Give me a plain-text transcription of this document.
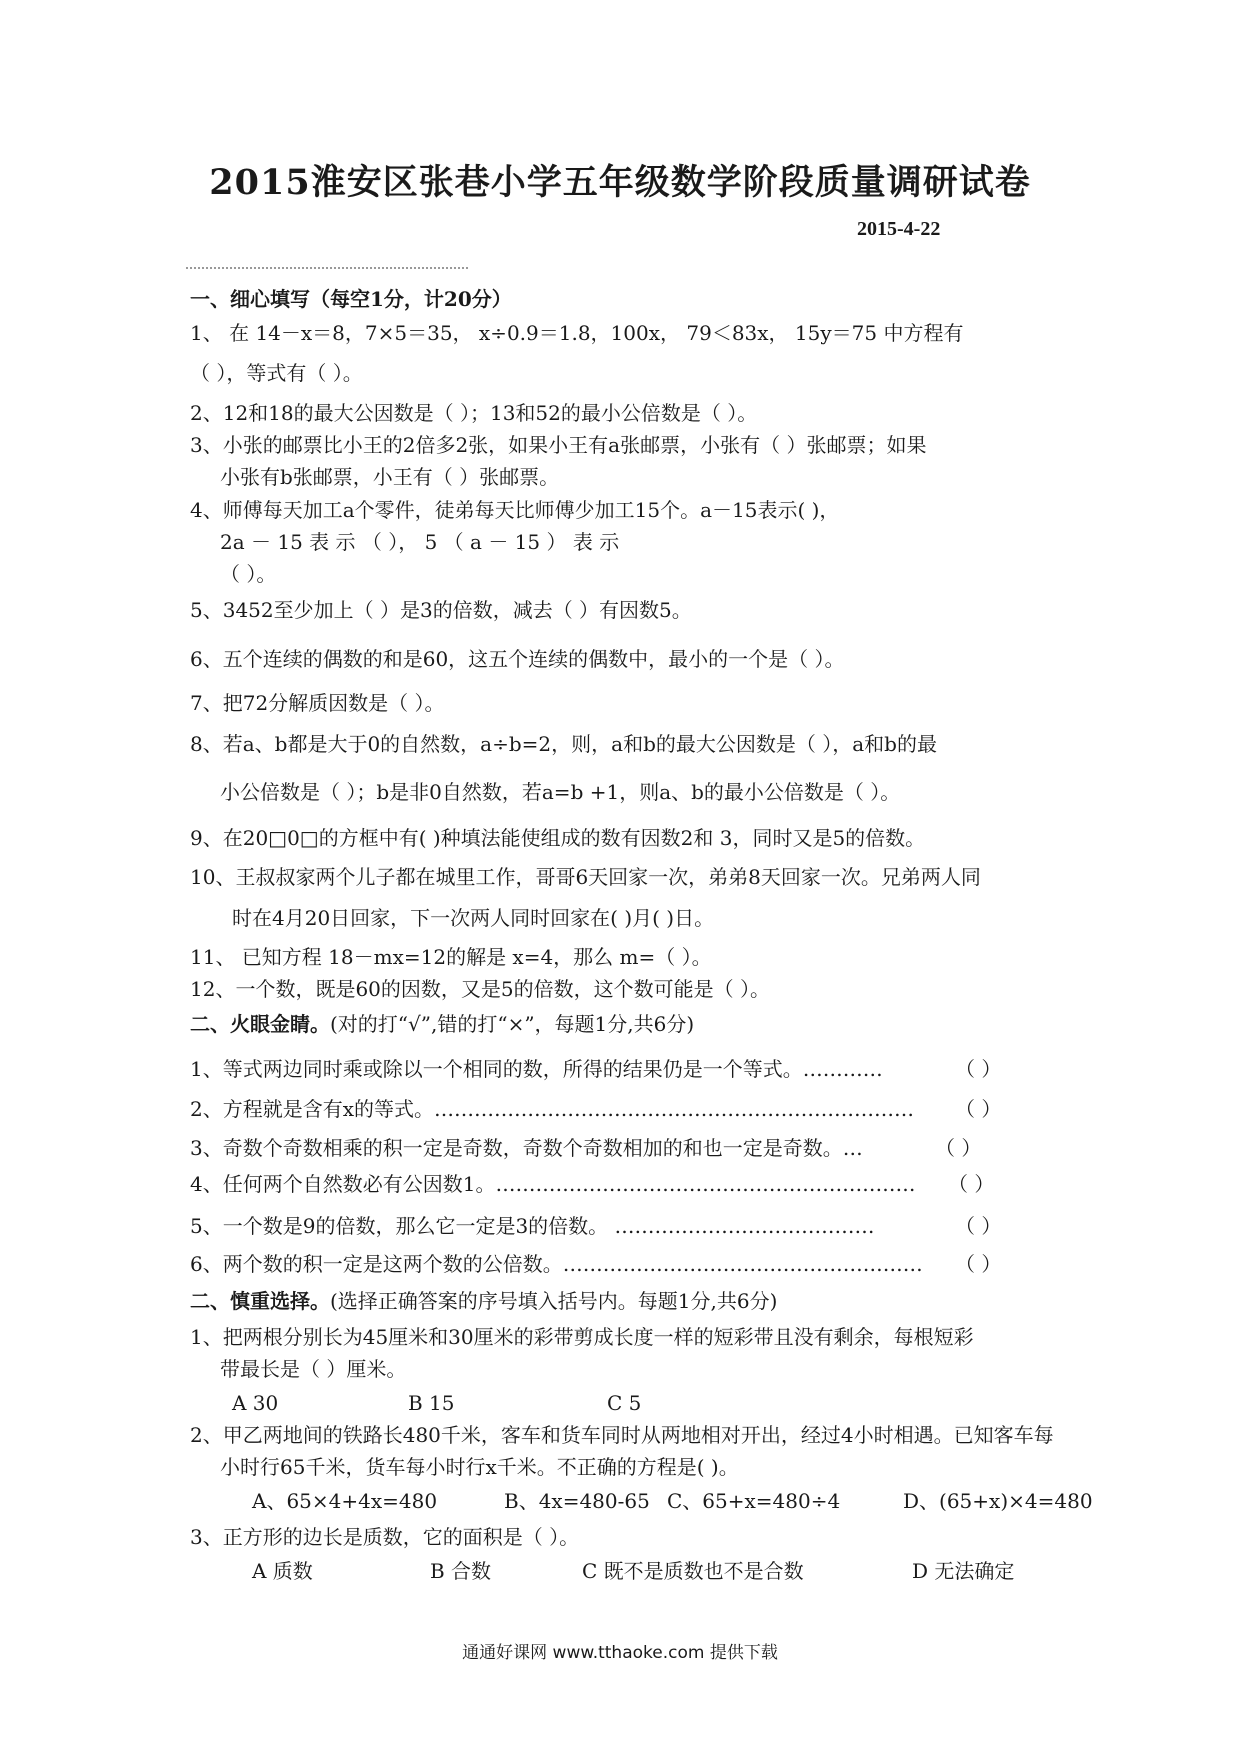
2015淮安区张巷小学五年级数学阶段质量调研试卷
2015-4-22
一、细心填写（每空1分，计20分）
1、 在 14－x＝8，7×5＝35， x÷0.9＝1.8，100x， 79＜83x， 15y＝75 中方程有
（ ），等式有（ ）。
2、12和18的最大公因数是（ ）；13和52的最小公倍数是（ ）。
3、小张的邮票比小王的2倍多2张，如果小王有a张邮票，小张有（ ）张邮票；如果
小张有b张邮票，小王有（ ）张邮票。
4、师傅每天加工a个零件，徒弟每天比师傅少加工15个。a－15表示( )，
2a － 15 表 示 （ ）， 5 （ a － 15 ） 表 示
（ ）。
5、3452至少加上（ ）是3的倍数，减去（ ）有因数5。
6、五个连续的偶数的和是60，这五个连续的偶数中，最小的一个是（ ）。
7、把72分解质因数是（ ）。
8、若a、b都是大于0的自然数，a÷b=2，则，a和b的最大公因数是（ ），a和b的最
小公倍数是（ ）；b是非0自然数，若a=b +1，则a、b的最小公倍数是（ ）。
9、在20□0□的方框中有( )种填法能使组成的数有因数2和 3，同时又是5的倍数。
10、王叔叔家两个儿子都在城里工作，哥哥6天回家一次，弟弟8天回家一次。兄弟两人同
时在4月20日回家，下一次两人同时回家在( )月( )日。
11、 已知方程 18－mx=12的解是 x=4，那么 m=（ ）。
12、一个数，既是60的因数，又是5的倍数，这个数可能是（ ）。
二、火眼金睛。(对的打“√”,错的打“×”，每题1分,共6分)
1、等式两边同时乘或除以一个相同的数，所得的结果仍是一个等式。…………	（ ）
2、方程就是含有x的等式。……………………………………………………………… （ ）
3、奇数个奇数相乘的积一定是奇数，奇数个奇数相加的和也一定是奇数。…	（ ）
4、任何两个自然数必有公因数1。……………………………………………………… （ ）
5、一个数是9的倍数，那么它一定是3的倍数。 …………………………………	（ ）
6、两个数的积一定是这两个数的公倍数。……………………………………………… （ ）
二、慎重选择。(选择正确答案的序号填入括号内。每题1分,共6分)
1、把两根分别长为45厘米和30厘米的彩带剪成长度一样的短彩带且没有剩余，每根短彩
带最长是（ ）厘米。
A 30	B 15	C 5
2、甲乙两地间的铁路长480千米，客车和货车同时从两地相对开出，经过4小时相遇。已知客车每
小时行65千米，货车每小时行x千米。不正确的方程是( )。
A、65×4+4x=480	B、4x=480-65 C、65+x=480÷4	D、(65+x)×4=480
3、正方形的边长是质数，它的面积是（ ）。
A 质数	B 合数	C 既不是质数也不是合数	D 无法确定
通通好课网 www.tthaoke.com 提供下载
